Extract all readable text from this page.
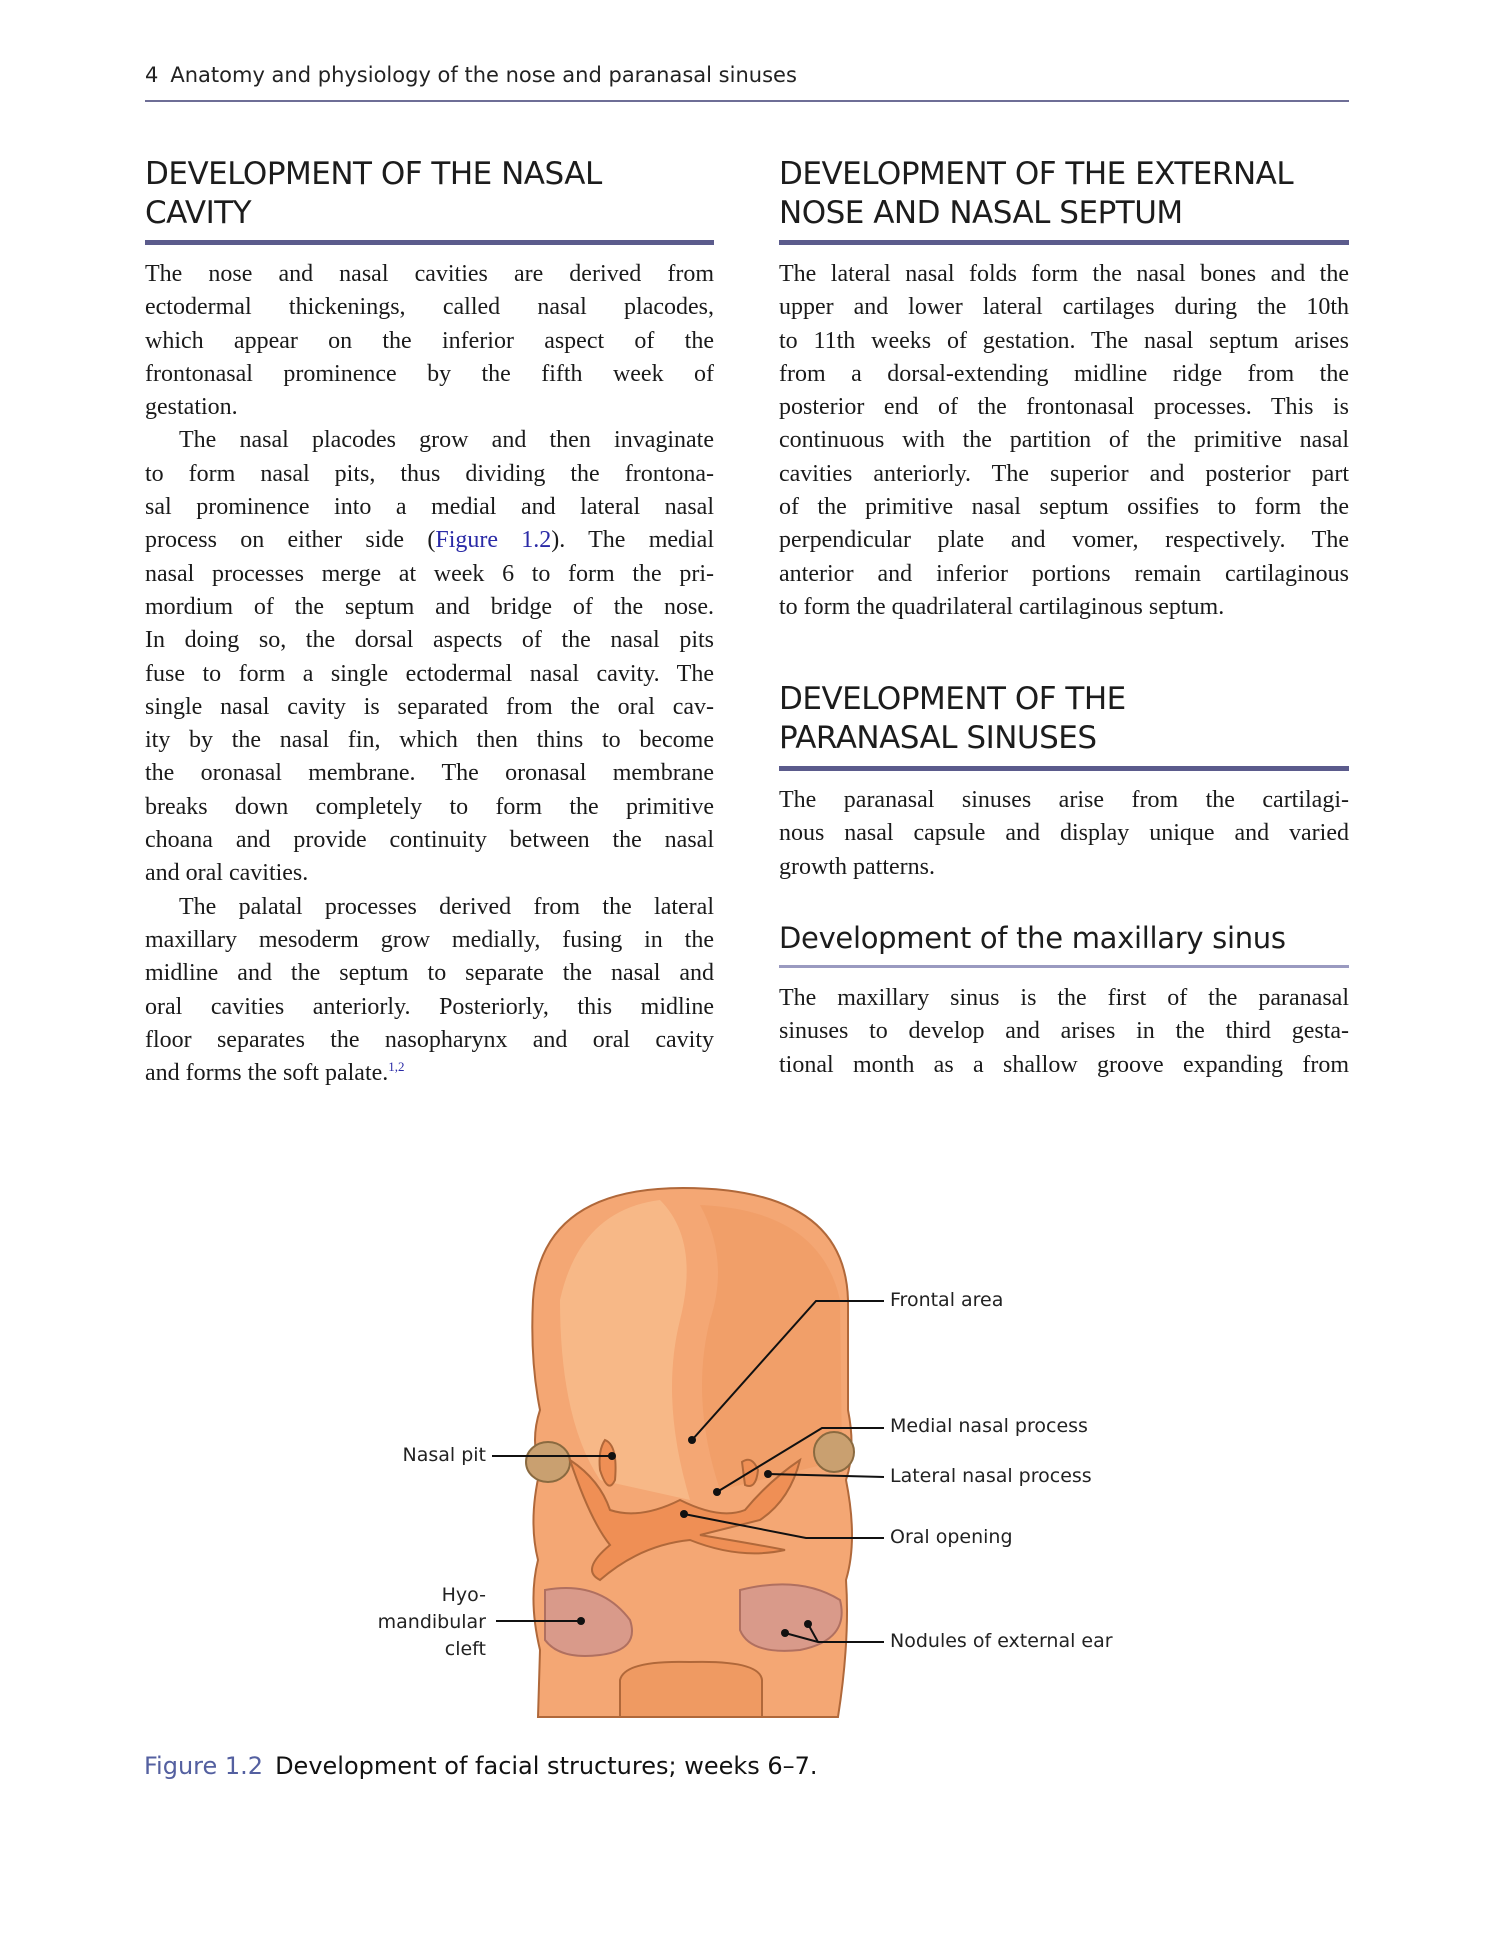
4 Anatomy and physiology of the nose and paranasal sinuses
DEVELOPMENT OF THE NASAL
CAVITY
The nose and nasal cavities are derived from
ectodermal thickenings, called nasal placodes,
which appear on the inferior aspect of the
frontonasal prominence by the fifth week of
gestation.
The nasal placodes grow and then invaginate
to form nasal pits, thus dividing the frontona-
sal prominence into a medial and lateral nasal
process on either side (Figure 1.2). The medial
nasal processes merge at week 6 to form the pri-
mordium of the septum and bridge of the nose.
In doing so, the dorsal aspects of the nasal pits
fuse to form a single ectodermal nasal cavity. The
single nasal cavity is separated from the oral cav-
ity by the nasal fin, which then thins to become
the oronasal membrane. The oronasal membrane
breaks down completely to form the primitive
choana and provide continuity between the nasal
and oral cavities.
The palatal processes derived from the lateral
maxillary mesoderm grow medially, fusing in the
midline and the septum to separate the nasal and
oral cavities anteriorly. Posteriorly, this midline
floor separates the nasopharynx and oral cavity
and forms the soft palate.$^{1,2}$
DEVELOPMENT OF THE EXTERNAL
NOSE AND NASAL SEPTUM
The lateral nasal folds form the nasal bones and the
upper and lower lateral cartilages during the 10th
to 11th weeks of gestation. The nasal septum arises
from a dorsal-extending midline ridge from the
posterior end of the frontonasal processes. This is
continuous with the partition of the primitive nasal
cavities anteriorly. The superior and posterior part
of the primitive nasal septum ossifies to form the
perpendicular plate and vomer, respectively. The
anterior and inferior portions remain cartilaginous
to form the quadrilateral cartilaginous septum.
DEVELOPMENT OF THE
PARANASAL SINUSES
The paranasal sinuses arise from the cartilagi-
nous nasal capsule and display unique and varied
growth patterns.
Development of the maxillary sinus
The maxillary sinus is the first of the paranasal
sinuses to develop and arises in the third gesta-
tional month as a shallow groove expanding from
Frontal area
Medial nasal process
Lateral nasal process
Oral opening
Nodules of external ear
Nasal pit
Hyo-
mandibular
cleft
Figure 1.2 Development of facial structures; weeks 6–7.
